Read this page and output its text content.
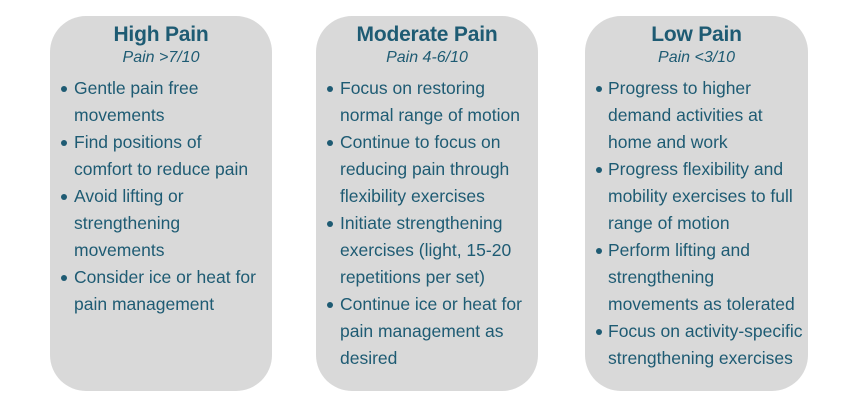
High Pain
Pain >7/10
Gentle pain free
movements
Find positions of
comfort to reduce pain
Avoid lifting or
strengthening
movements
Consider ice or heat for
pain management
Moderate Pain
Pain 4-6/10
Focus on restoring
normal range of motion
Continue to focus on
reducing pain through
flexibility exercises
Initiate strengthening
exercises (light, 15-20
repetitions per set)
Continue ice or heat for
pain management as
desired
Low Pain
Pain <3/10
Progress to higher
demand activities at
home and work
Progress flexibility and
mobility exercises to full
range of motion
Perform lifting and
strengthening
movements as tolerated
Focus on activity-specific
strengthening exercises
